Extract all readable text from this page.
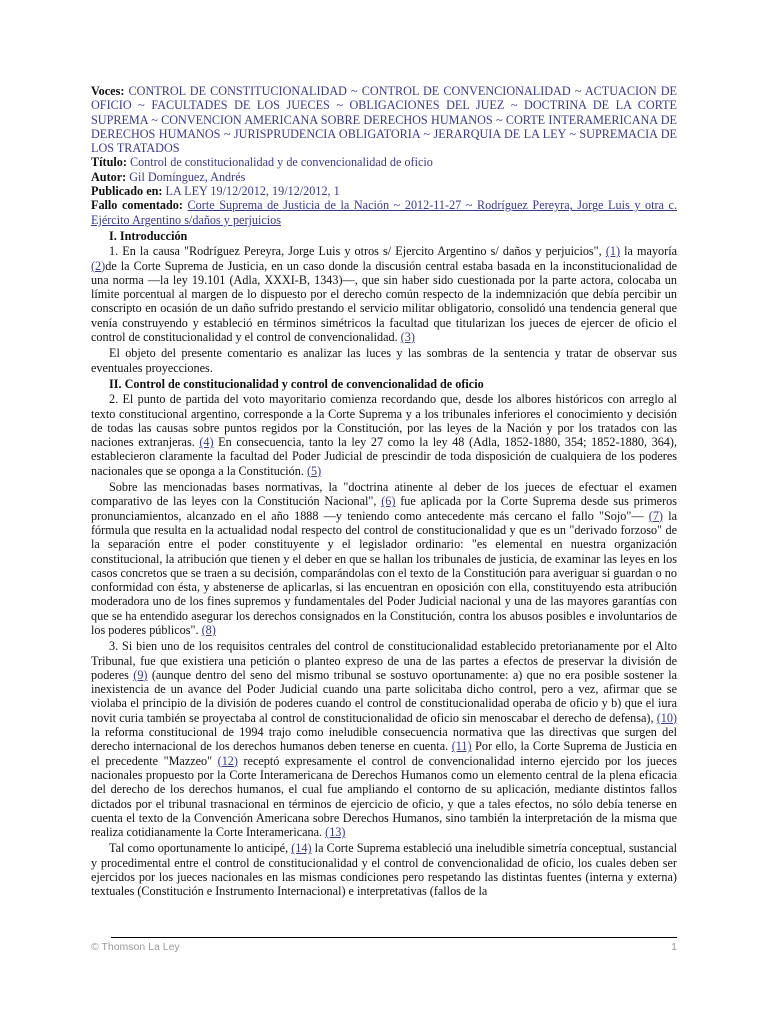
Voces: CONTROL DE CONSTITUCIONALIDAD ~ CONTROL DE CONVENCIONALIDAD ~ ACTUACION DE OFICIO ~ FACULTADES DE LOS JUECES ~ OBLIGACIONES DEL JUEZ ~ DOCTRINA DE LA CORTE SUPREMA ~ CONVENCION AMERICANA SOBRE DERECHOS HUMANOS ~ CORTE INTERAMERICANA DE DERECHOS HUMANOS ~ JURISPRUDENCIA OBLIGATORIA ~ JERARQUIA DE LA LEY ~ SUPREMACIA DE LOS TRATADOS

Título: Control de constitucionalidad y de convencionalidad de oficio

Autor: Gil Domínguez, Andrés

Publicado en: LA LEY 19/12/2012, 19/12/2012, 1

Fallo comentado: Corte Suprema de Justicia de la Nación ~ 2012-11-27 ~ Rodríguez Pereyra, Jorge Luis y otra c. Ejército Argentino s/daños y perjuicios

I. Introducción

1. En la causa "Rodríguez Pereyra, Jorge Luis y otros s/ Ejercito Argentino s/ daños y perjuicios", (1) la mayoría (2)de la Corte Suprema de Justicia, en un caso donde la discusión central estaba basada en la inconstitucionalidad de una norma —la ley 19.101 (Adla, XXXI-B, 1343)—, que sin haber sido cuestionada por la parte actora, colocaba un límite porcentual al margen de lo dispuesto por el derecho común respecto de la indemnización que debía percibir un conscripto en ocasión de un daño sufrido prestando el servicio militar obligatorio, consolidó una tendencia general que venía construyendo y estableció en términos simétricos la facultad que titularizan los jueces de ejercer de oficio el control de constitucionalidad y el control de convencionalidad. (3)

El objeto del presente comentario es analizar las luces y las sombras de la sentencia y tratar de observar sus eventuales proyecciones.

II. Control de constitucionalidad y control de convencionalidad de oficio

2. El punto de partida del voto mayoritario comienza recordando que, desde los albores históricos con arreglo al texto constitucional argentino, corresponde a la Corte Suprema y a los tribunales inferiores el conocimiento y decisión de todas las causas sobre puntos regidos por la Constitución, por las leyes de la Nación y por los tratados con las naciones extranjeras. (4) En consecuencia, tanto la ley 27 como la ley 48 (Adla, 1852-1880, 354; 1852-1880, 364), establecieron claramente la facultad del Poder Judicial de prescindir de toda disposición de cualquiera de los poderes nacionales que se oponga a la Constitución. (5)

Sobre las mencionadas bases normativas, la "doctrina atinente al deber de los jueces de efectuar el examen comparativo de las leyes con la Constitución Nacional", (6) fue aplicada por la Corte Suprema desde sus primeros pronunciamientos, alcanzado en el año 1888 —y teniendo como antecedente más cercano el fallo "Sojo"— (7) la fórmula que resulta en la actualidad nodal respecto del control de constitucionalidad y que es un "derivado forzoso" de la separación entre el poder constituyente y el legislador ordinario: "es elemental en nuestra organización constitucional, la atribución que tienen y el deber en que se hallan los tribunales de justicia, de examinar las leyes en los casos concretos que se traen a su decisión, comparándolas con el texto de la Constitución para averiguar si guardan o no conformidad con ésta, y abstenerse de aplicarlas, si las encuentran en oposición con ella, constituyendo esta atribución moderadora uno de los fines supremos y fundamentales del Poder Judicial nacional y una de las mayores garantías con que se ha entendido asegurar los derechos consignados en la Constitución, contra los abusos posibles e involuntarios de los poderes públicos". (8)

3. Si bien uno de los requisitos centrales del control de constitucionalidad establecido pretorianamente por el Alto Tribunal, fue que existiera una petición o planteo expreso de una de las partes a efectos de preservar la división de poderes (9) (aunque dentro del seno del mismo tribunal se sostuvo oportunamente: a) que no era posible sostener la inexistencia de un avance del Poder Judicial cuando una parte solicitaba dicho control, pero a vez, afirmar que se violaba el principio de la división de poderes cuando el control de constitucionalidad operaba de oficio y b) que el iura novit curia también se proyectaba al control de constitucionalidad de oficio sin menoscabar el derecho de defensa), (10) la reforma constitucional de 1994 trajo como ineludible consecuencia normativa que las directivas que surgen del derecho internacional de los derechos humanos deben tenerse en cuenta. (11) Por ello, la Corte Suprema de Justicia en el precedente "Mazzeo" (12) receptó expresamente el control de convencionalidad interno ejercido por los jueces nacionales propuesto por la Corte Interamericana de Derechos Humanos como un elemento central de la plena eficacia del derecho de los derechos humanos, el cual fue ampliando el contorno de su aplicación, mediante distintos fallos dictados por el tribunal trasnacional en términos de ejercicio de oficio, y que a tales efectos, no sólo debía tenerse en cuenta el texto de la Convención Americana sobre Derechos Humanos, sino también la interpretación de la misma que realiza cotidianamente la Corte Interamericana. (13)

Tal como oportunamente lo anticipé, (14) la Corte Suprema estableció una ineludible simetría conceptual, sustancial y procedimental entre el control de constitucionalidad y el control de convencionalidad de oficio, los cuales deben ser ejercidos por los jueces nacionales en las mismas condiciones pero respetando las distintas fuentes (interna y externa) textuales (Constitución e Instrumento Internacional) e interpretativas (fallos de la

© Thomson La Ley	1
